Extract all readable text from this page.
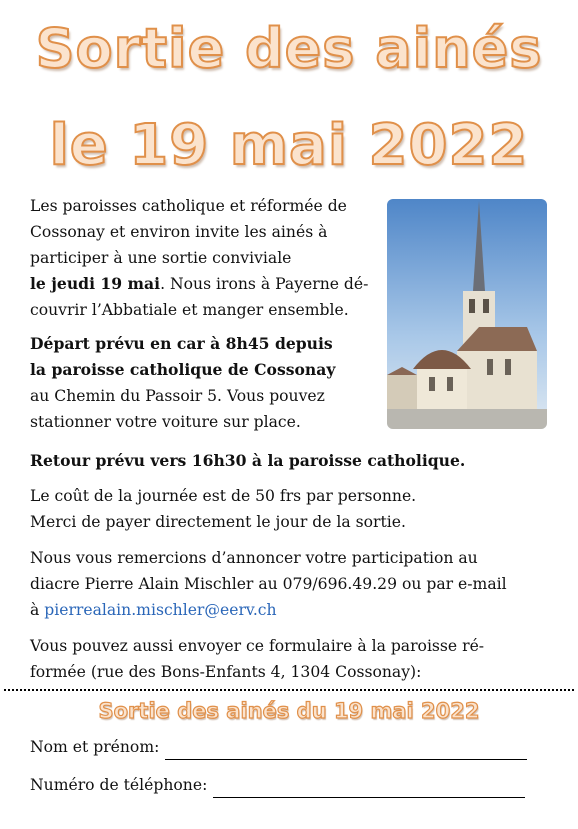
Sortie des ainés
le 19 mai 2022
Les paroisses catholique et réformée de
Cossonay et environ invite les ainés à
participer à une sortie conviviale
le jeudi 19 mai. Nous irons à Payerne dé-
couvrir l’Abbatiale et manger ensemble.
Départ prévu en car à 8h45 depuis
la paroisse catholique de Cossonay
au Chemin du Passoir 5. Vous pouvez
stationner votre voiture sur place.
Retour prévu vers 16h30 à la paroisse catholique.
Le coût de la journée est de 50 frs par personne.
Merci de payer directement le jour de la sortie.
Nous vous remercions d’annoncer votre participation au
diacre Pierre Alain Mischler au 079/696.49.29 ou par e-mail
à pierrealain.mischler@eerv.ch
Vous pouvez aussi envoyer ce formulaire à la paroisse ré-
formée (rue des Bons-Enfants 4, 1304 Cossonay):
Sortie des ainés du 19 mai 2022
Nom et prénom:
Numéro de téléphone:
